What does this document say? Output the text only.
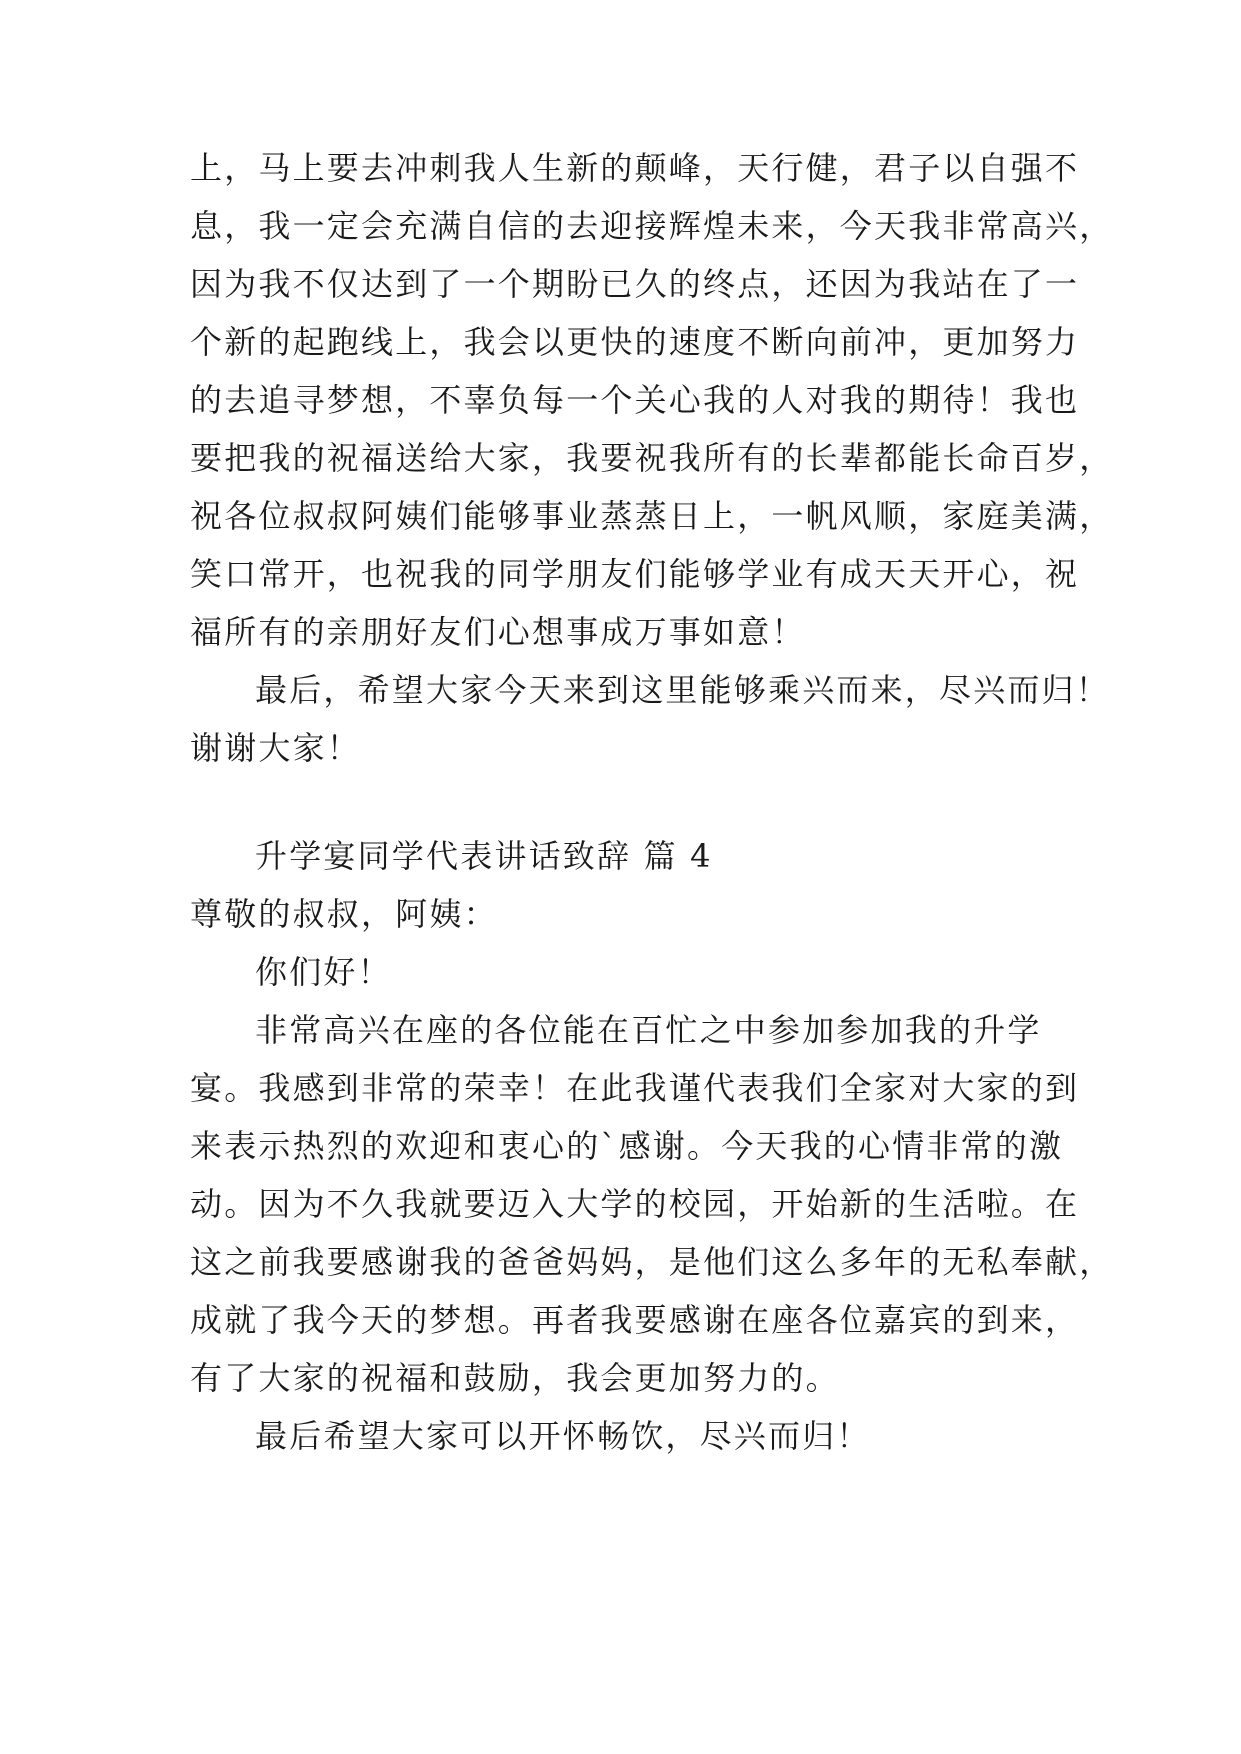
上，马上要去冲刺我人生新的颠峰，天行健，君子以自强不

息，我一定会充满自信的去迎接辉煌未来，今天我非常高兴，

因为我不仅达到了一个期盼已久的终点，还因为我站在了一

个新的起跑线上，我会以更快的速度不断向前冲，更加努力

的去追寻梦想，不辜负每一个关心我的人对我的期待！我也

要把我的祝福送给大家，我要祝我所有的长辈都能长命百岁，

祝各位叔叔阿姨们能够事业蒸蒸日上，一帆风顺，家庭美满，

笑口常开，也祝我的同学朋友们能够学业有成天天开心，祝

福所有的亲朋好友们心想事成万事如意！

最后，希望大家今天来到这里能够乘兴而来，尽兴而归！

谢谢大家！

升学宴同学代表讲话致辞 篇 4

尊敬的叔叔，阿姨：

你们好！

非常高兴在座的各位能在百忙之中参加参加我的升学

宴。我感到非常的荣幸！在此我谨代表我们全家对大家的到

来表示热烈的欢迎和衷心的`感谢。今天我的心情非常的激

动。因为不久我就要迈入大学的校园，开始新的生活啦。在

这之前我要感谢我的爸爸妈妈，是他们这么多年的无私奉献，

成就了我今天的梦想。再者我要感谢在座各位嘉宾的到来，

有了大家的祝福和鼓励，我会更加努力的。

最后希望大家可以开怀畅饮，尽兴而归！
